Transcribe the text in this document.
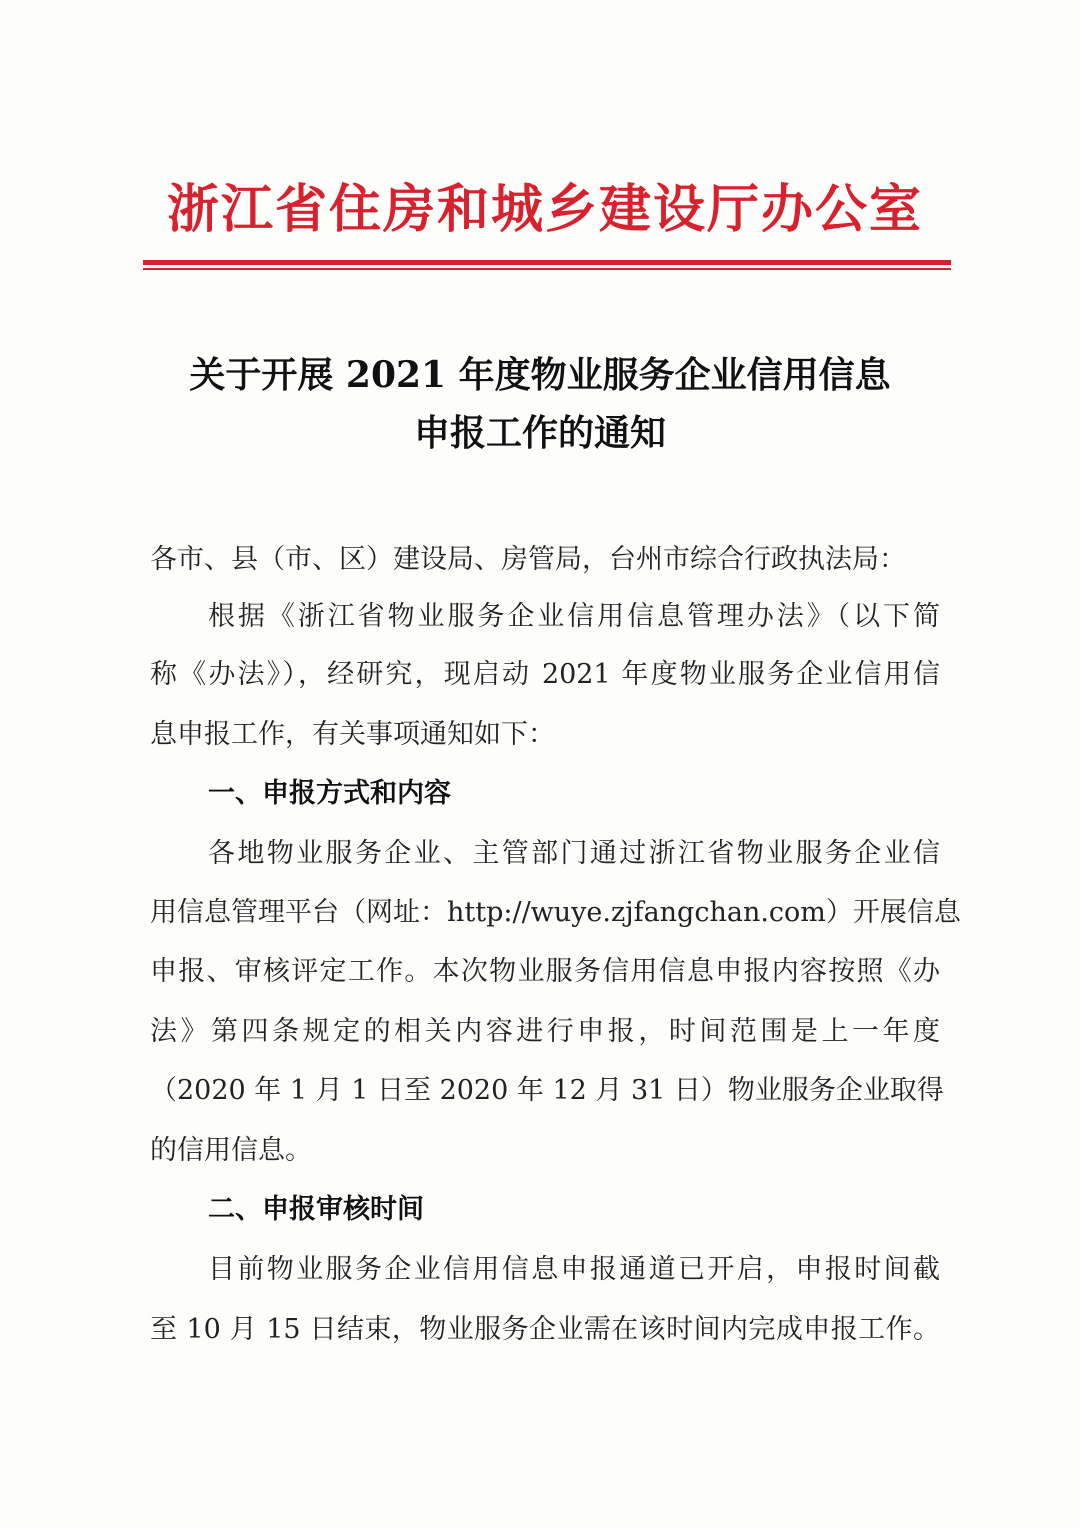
浙江省住房和城乡建设厅办公室
关于开展 2021 年度物业服务企业信用信息
申报工作的通知
各市、县（市、区）建设局、房管局，台州市综合行政执法局：
根据《浙江省物业服务企业信用信息管理办法》（以下简
称《办法》），经研究，现启动 2021 年度物业服务企业信用信
息申报工作，有关事项通知如下：
一、申报方式和内容
各地物业服务企业、主管部门通过浙江省物业服务企业信
用信息管理平台（网址：http://wuye.zjfangchan.com）开展信息
申报、审核评定工作。本次物业服务信用信息申报内容按照《办
法》第四条规定的相关内容进行申报，时间范围是上一年度
（2020 年 1 月 1 日至 2020 年 12 月 31 日）物业服务企业取得
的信用信息。
二、申报审核时间
目前物业服务企业信用信息申报通道已开启，申报时间截
至 10 月 15 日结束，物业服务企业需在该时间内完成申报工作。
